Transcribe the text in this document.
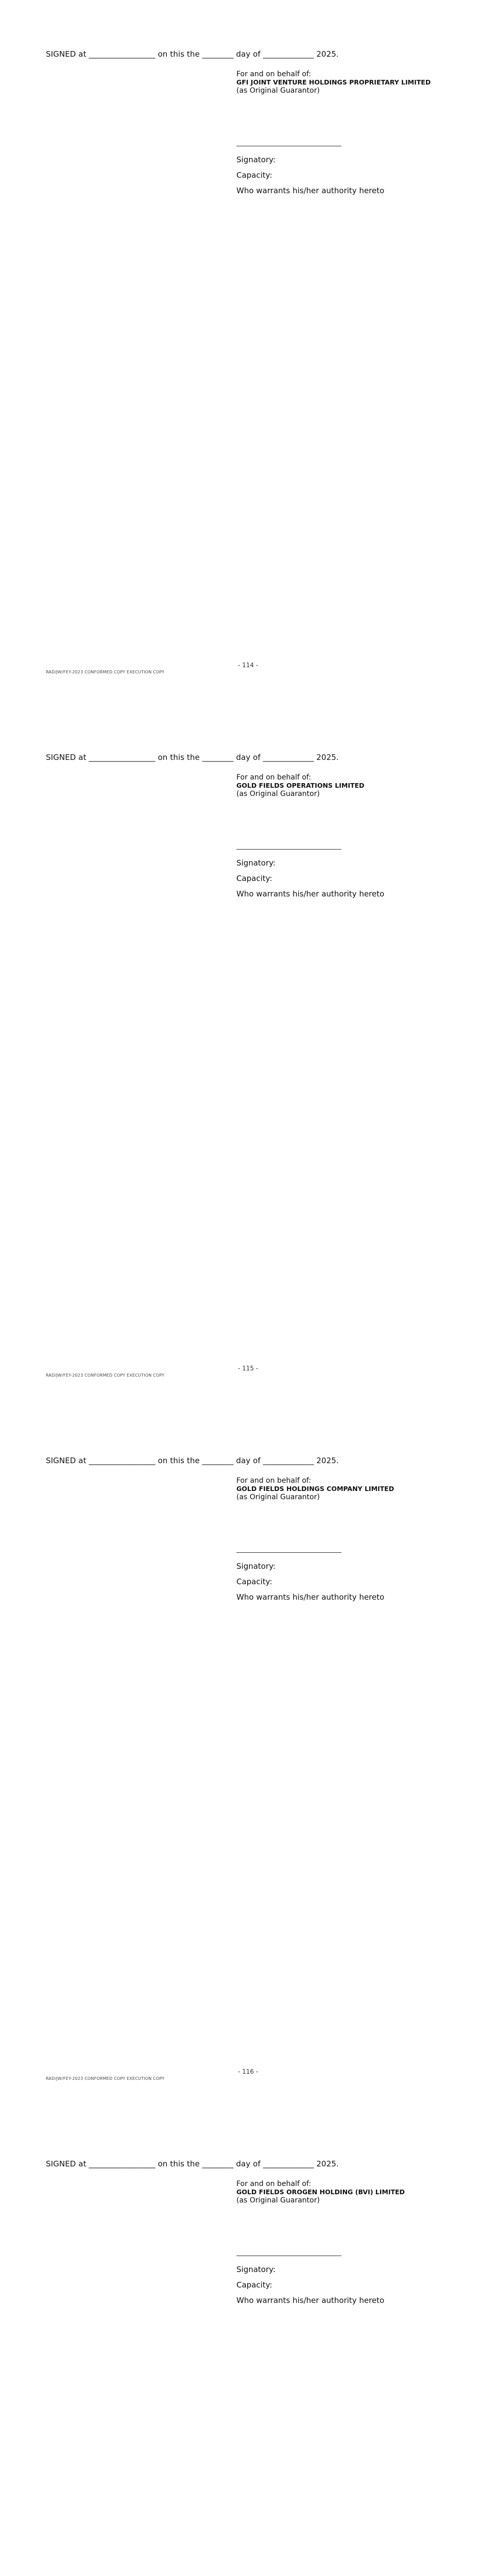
SIGNED at _________________ on this the ________ day of _____________ 2025.
For and on behalf of:
GFI JOINT VENTURE HOLDINGS PROPRIETARY LIMITED
(as Original Guarantor)
Signatory:
Capacity:
Who warrants his/her authority hereto
- 114 -
RAD/JW/FEY-2023 CONFORMED COPY EXECUTION COPY
SIGNED at _________________ on this the ________ day of _____________ 2025.
For and on behalf of:
GOLD FIELDS OPERATIONS LIMITED
(as Original Guarantor)
Signatory:
Capacity:
Who warrants his/her authority hereto
- 115 -
RAD/JW/FEY-2023 CONFORMED COPY EXECUTION COPY
SIGNED at _________________ on this the ________ day of _____________ 2025.
For and on behalf of:
GOLD FIELDS HOLDINGS COMPANY LIMITED
(as Original Guarantor)
Signatory:
Capacity:
Who warrants his/her authority hereto
- 116 -
RAD/JW/FEY-2023 CONFORMED COPY EXECUTION COPY
SIGNED at _________________ on this the ________ day of _____________ 2025.
For and on behalf of:
GOLD FIELDS OROGEN HOLDING (BVI) LIMITED
(as Original Guarantor)
Signatory:
Capacity:
Who warrants his/her authority hereto
